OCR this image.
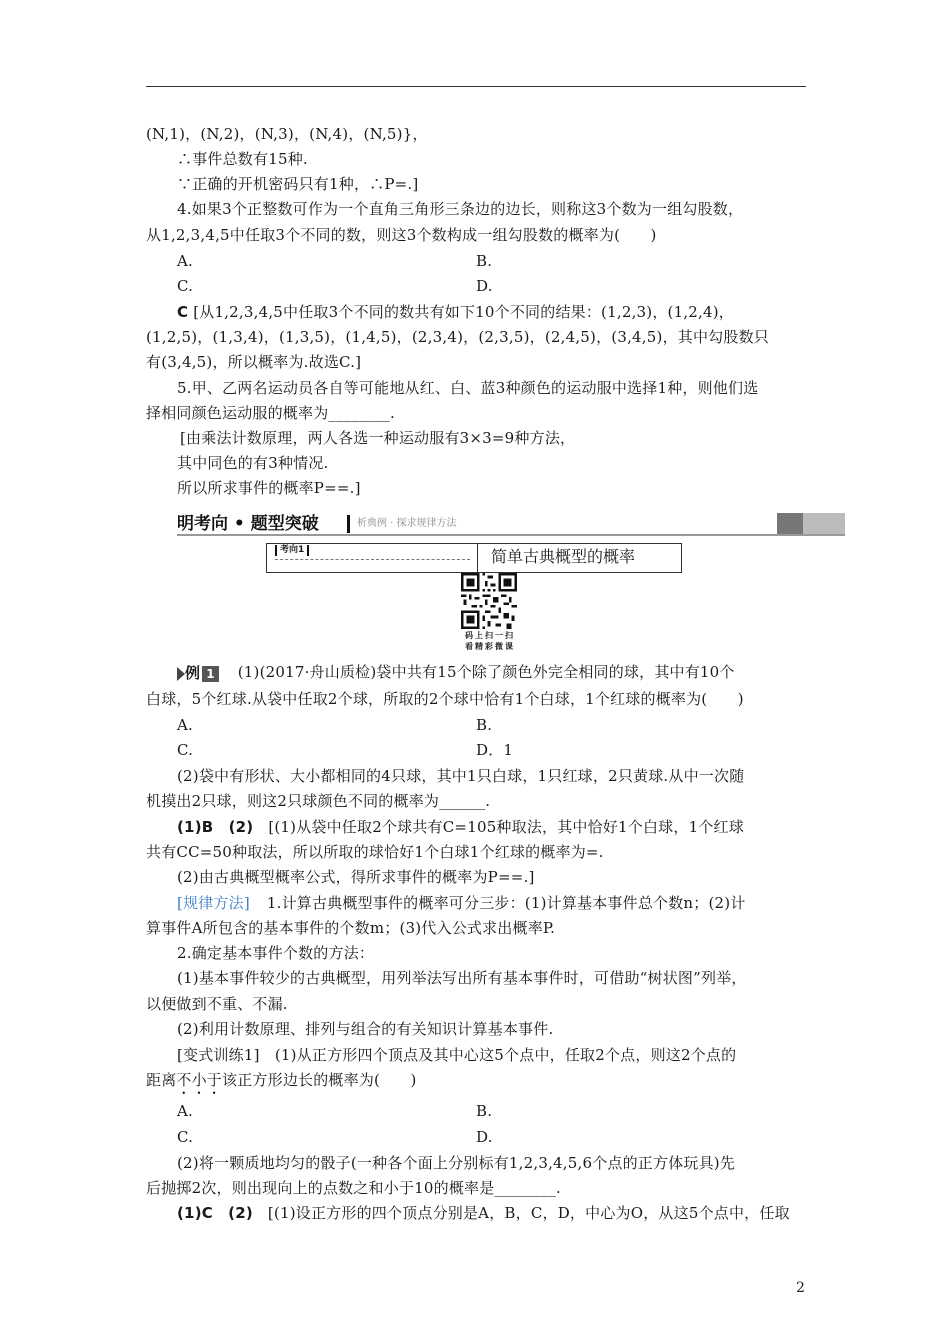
(N,1)，(N,2)，(N,3)，(N,4)，(N,5)}，
∴事件总数有15种.
∵正确的开机密码只有1种，∴P=.]
4.如果3个正整数可作为一个直角三角形三条边的边长，则称这3个数为一组勾股数，
从1,2,3,4,5中任取3个不同的数，则这3个数构成一组勾股数的概率为(　　)
A.	B.
C.	D.
C [从1,2,3,4,5中任取3个不同的数共有如下10个不同的结果：(1,2,3)，(1,2,4)，
(1,2,5)，(1,3,4)，(1,3,5)，(1,4,5)，(2,3,4)，(2,3,5)，(2,4,5)，(3,4,5)，其中勾股数只
有(3,4,5)，所以概率为.故选C.]
5.甲、乙两名运动员各自等可能地从红、白、蓝3种颜色的运动服中选择1种，则他们选
择相同颜色运动服的概率为________.
[由乘法计数原理，两人各选一种运动服有3×3=9种方法，
其中同色的有3种情况.
所以所求事件的概率P==.]
明考向 • 题型突破	析典例 · 探求规律方法
考向1	简单古典概型的概率
码上扫一扫
看精彩微课
例 1 (1)(2017·舟山质检)袋中共有15个除了颜色外完全相同的球，其中有10个
白球，5个红球.从袋中任取2个球，所取的2个球中恰有1个白球，1个红球的概率为(　　)
A.	B.
C.	D．1
(2)袋中有形状、大小都相同的4只球，其中1只白球，1只红球，2只黄球.从中一次随
机摸出2只球，则这2只球颜色不同的概率为______.
(1)B　(2) [(1)从袋中任取2个球共有C=105种取法，其中恰好1个白球，1个红球
共有CC=50种取法，所以所取的球恰好1个白球1个红球的概率为=.
(2)由古典概型概率公式，得所求事件的概率为P==.]
[规律方法] 1.计算古典概型事件的概率可分三步：(1)计算基本事件总个数n；(2)计
算事件A所包含的基本事件的个数m；(3)代入公式求出概率P.
2.确定基本事件个数的方法：
(1)基本事件较少的古典概型，用列举法写出所有基本事件时，可借助“树状图”列举，
以便做到不重、不漏.
(2)利用计数原理、排列与组合的有关知识计算基本事件.
[变式训练1]　(1)从正方形四个顶点及其中心这5个点中，任取2个点，则这2个点的
距离不小于该正方形边长的概率为(　　)
A.	B.
C.	D.
(2)将一颗质地均匀的骰子(一种各个面上分别标有1,2,3,4,5,6个点的正方体玩具)先
后抛掷2次，则出现向上的点数之和小于10的概率是________.
(1)C　(2) [(1)设正方形的四个顶点分别是A，B，C，D，中心为O，从这5个点中，任取
2
